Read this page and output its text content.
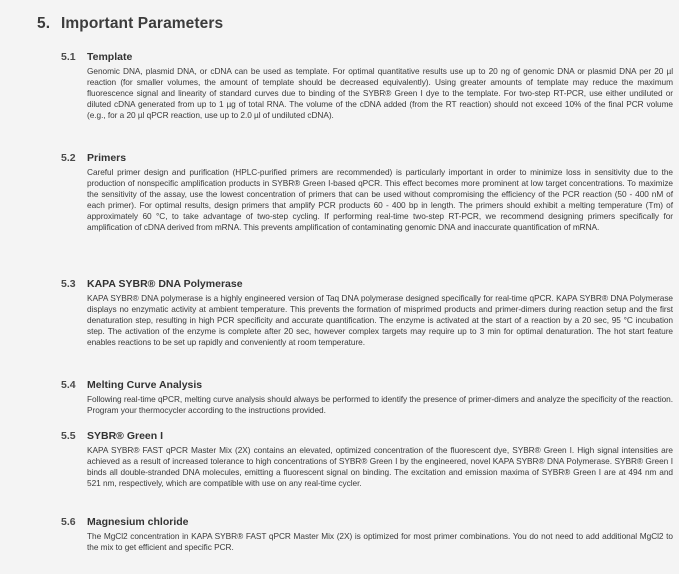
5. Important Parameters
5.1 Template
Genomic DNA, plasmid DNA, or cDNA can be used as template. For optimal quantitative results use up to 20 ng of genomic DNA or plasmid DNA per 20 µl reaction (for smaller volumes, the amount of template should be decreased equivalently). Using greater amounts of template may reduce the maximum fluorescence signal and linearity of standard curves due to binding of the SYBR® Green I dye to the template. For two-step RT-PCR, use either undiluted or diluted cDNA generated from up to 1 µg of total RNA. The volume of the cDNA added (from the RT reaction) should not exceed 10% of the final PCR volume (e.g., for a 20 µl qPCR reaction, use up to 2.0 µl of undiluted cDNA).
5.2 Primers
Careful primer design and purification (HPLC-purified primers are recommended) is particularly important in order to minimize loss in sensitivity due to the production of nonspecific amplification products in SYBR® Green I-based qPCR. This effect becomes more prominent at low target concentrations. To maximize the sensitivity of the assay, use the lowest concentration of primers that can be used without compromising the efficiency of the PCR reaction (50 - 400 nM of each primer). For optimal results, design primers that amplify PCR products 60 - 400 bp in length. The primers should exhibit a melting temperature (Tm) of approximately 60 °C, to take advantage of two-step cycling. If performing real-time two-step RT-PCR, we recommend designing primers specifically for amplification of cDNA derived from mRNA. This prevents amplification of contaminating genomic DNA and inaccurate quantification of mRNA.
5.3 KAPA SYBR® DNA Polymerase
KAPA SYBR® DNA polymerase is a highly engineered version of Taq DNA polymerase designed specifically for real-time qPCR. KAPA SYBR® DNA Polymerase displays no enzymatic activity at ambient temperature. This prevents the formation of misprimed products and primer-dimers during reaction setup and the first denaturation step, resulting in high PCR specificity and accurate quantification. The enzyme is activated at the start of a reaction by a 20 sec, 95 °C incubation step. The activation of the enzyme is complete after 20 sec, however complex targets may require up to 3 min for optimal denaturation. The hot start feature enables reactions to be set up rapidly and conveniently at room temperature.
5.4 Melting Curve Analysis
Following real-time qPCR, melting curve analysis should always be performed to identify the presence of primer-dimers and analyze the specificity of the reaction. Program your thermocycler according to the instructions provided.
5.5 SYBR® Green I
KAPA SYBR® FAST qPCR Master Mix (2X) contains an elevated, optimized concentration of the fluorescent dye, SYBR® Green I. High signal intensities are achieved as a result of increased tolerance to high concentrations of SYBR® Green I by the engineered, novel KAPA SYBR® DNA Polymerase. SYBR® Green I binds all double-stranded DNA molecules, emitting a fluorescent signal on binding. The excitation and emission maxima of SYBR® Green I are at 494 nm and 521 nm, respectively, which are compatible with use on any real-time cycler.
5.6 Magnesium chloride
The MgCl2 concentration in KAPA SYBR® FAST qPCR Master Mix (2X) is optimized for most primer combinations. You do not need to add additional MgCl2 to the mix to get efficient and specific PCR.
